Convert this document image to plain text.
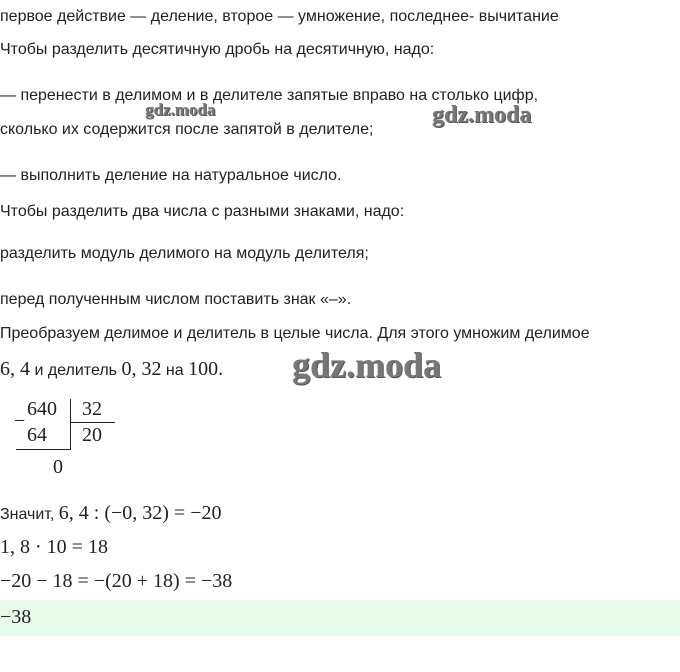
первое действие — деление, второе — умножение, последнее- вычитание
Чтобы разделить десятичную дробь на десятичную, надо:
— перенести в делимом и в делителе запятые вправо на столько цифр,
сколько их содержится после запятой в делителе;
— выполнить деление на натуральное число.
Чтобы разделить два числа с разными знаками, надо:
разделить модуль делимого на модуль делителя;
перед полученным числом поставить знак «–».
Преобразуем делимое и делитель в целые числа. Для этого умножим делимое
6, 4 и делитель 0, 32 на 100.
640 32
−
64 20
0
Значит, 6, 4 : (−0, 32) = −20
1, 8 · 10 = 18
−20 − 18 = −(20 + 18) = −38
−38
gdz.moda	gdz.moda
gdz.moda
